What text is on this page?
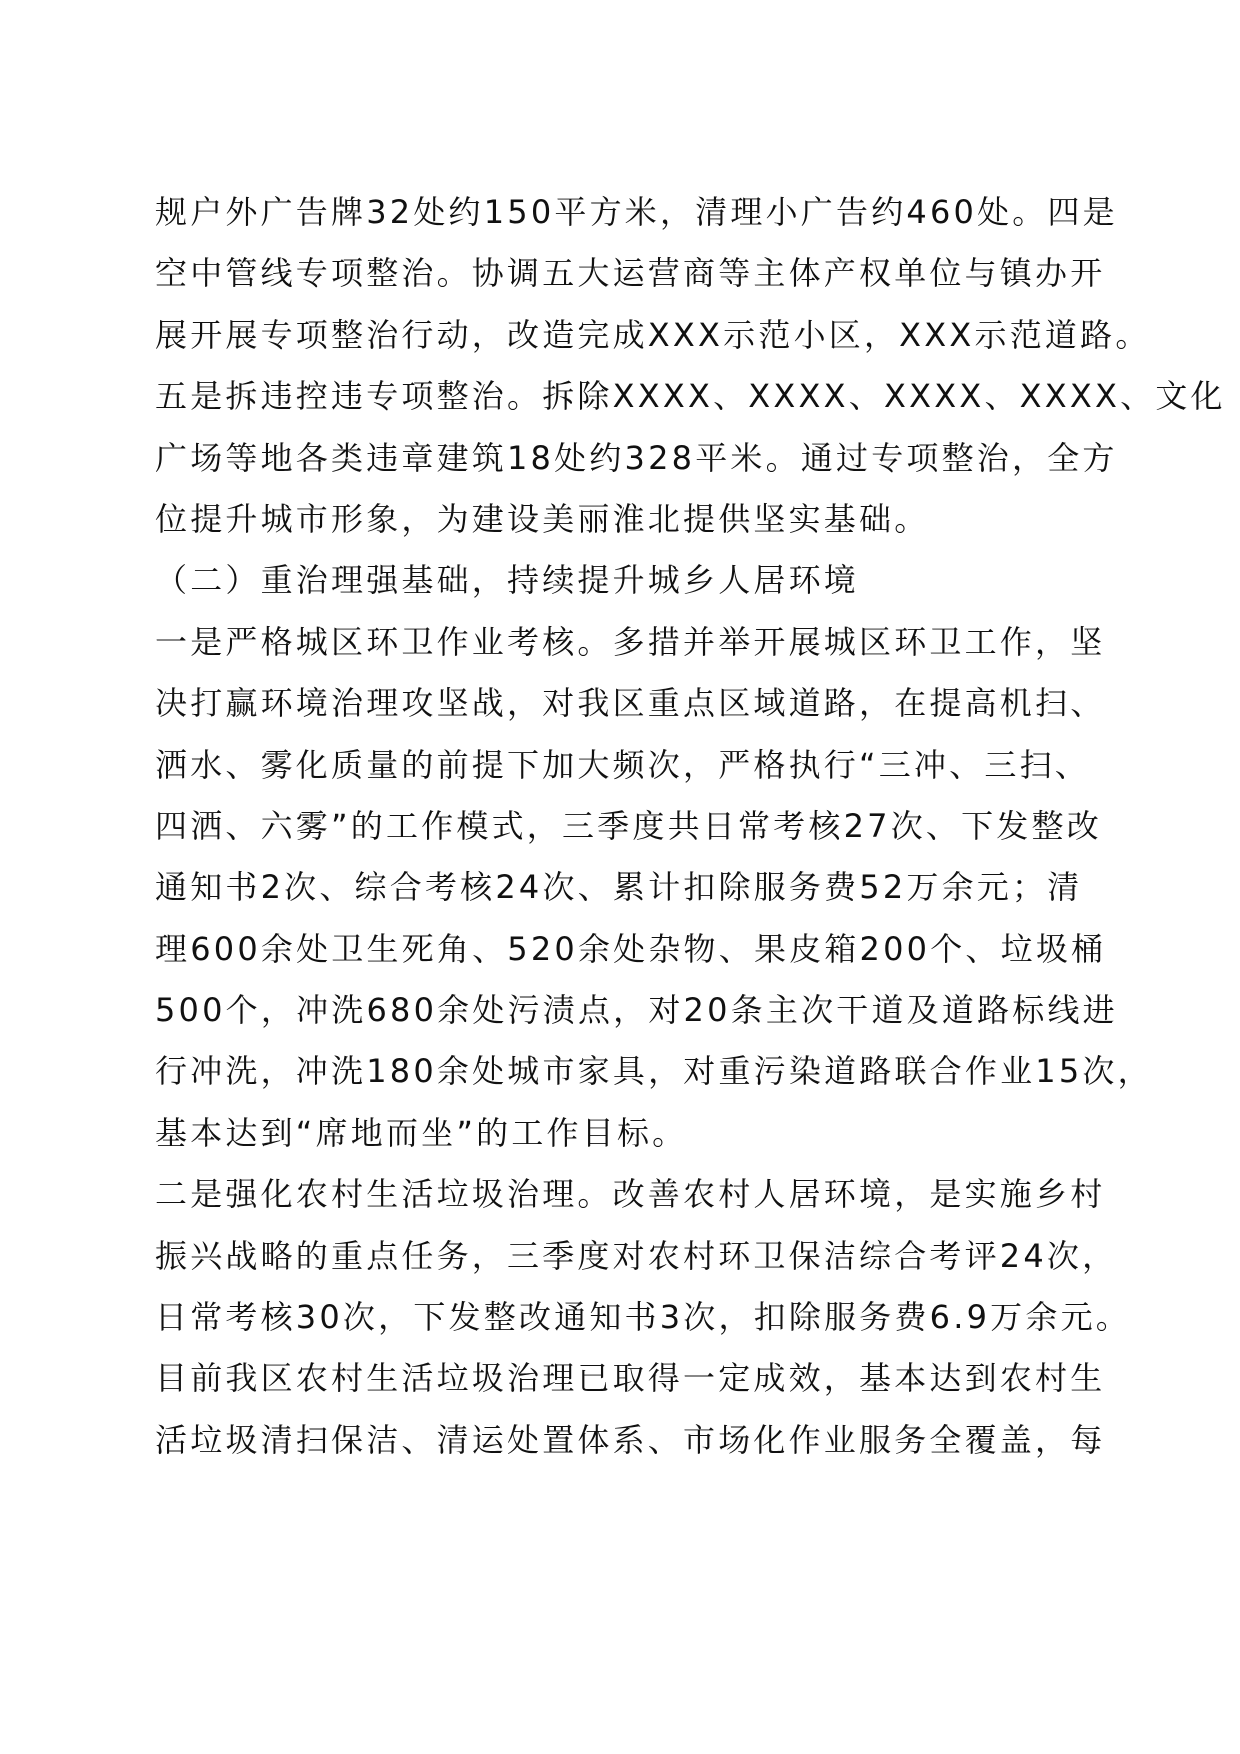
规户外广告牌32处约150平方米，清理小广告约460处。四是
空中管线专项整治。协调五大运营商等主体产权单位与镇办开
展开展专项整治行动，改造完成XXX示范小区，XXX示范道路。
五是拆违控违专项整治。拆除XXXX、XXXX、XXXX、XXXX、文化
广场等地各类违章建筑18处约328平米。通过专项整治，全方
位提升城市形象，为建设美丽淮北提供坚实基础。
（二）重治理强基础，持续提升城乡人居环境
一是严格城区环卫作业考核。多措并举开展城区环卫工作，坚
决打赢环境治理攻坚战，对我区重点区域道路，在提高机扫、
洒水、雾化质量的前提下加大频次，严格执行“三冲、三扫、
四洒、六雾”的工作模式，三季度共日常考核27次、下发整改
通知书2次、综合考核24次、累计扣除服务费52万余元；清
理600余处卫生死角、520余处杂物、果皮箱200个、垃圾桶
500个，冲洗680余处污渍点，对20条主次干道及道路标线进
行冲洗，冲洗180余处城市家具，对重污染道路联合作业15次，
基本达到“席地而坐”的工作目标。
二是强化农村生活垃圾治理。改善农村人居环境，是实施乡村
振兴战略的重点任务，三季度对农村环卫保洁综合考评24次，
日常考核30次，下发整改通知书3次，扣除服务费6.9万余元。
目前我区农村生活垃圾治理已取得一定成效，基本达到农村生
活垃圾清扫保洁、清运处置体系、市场化作业服务全覆盖，每
